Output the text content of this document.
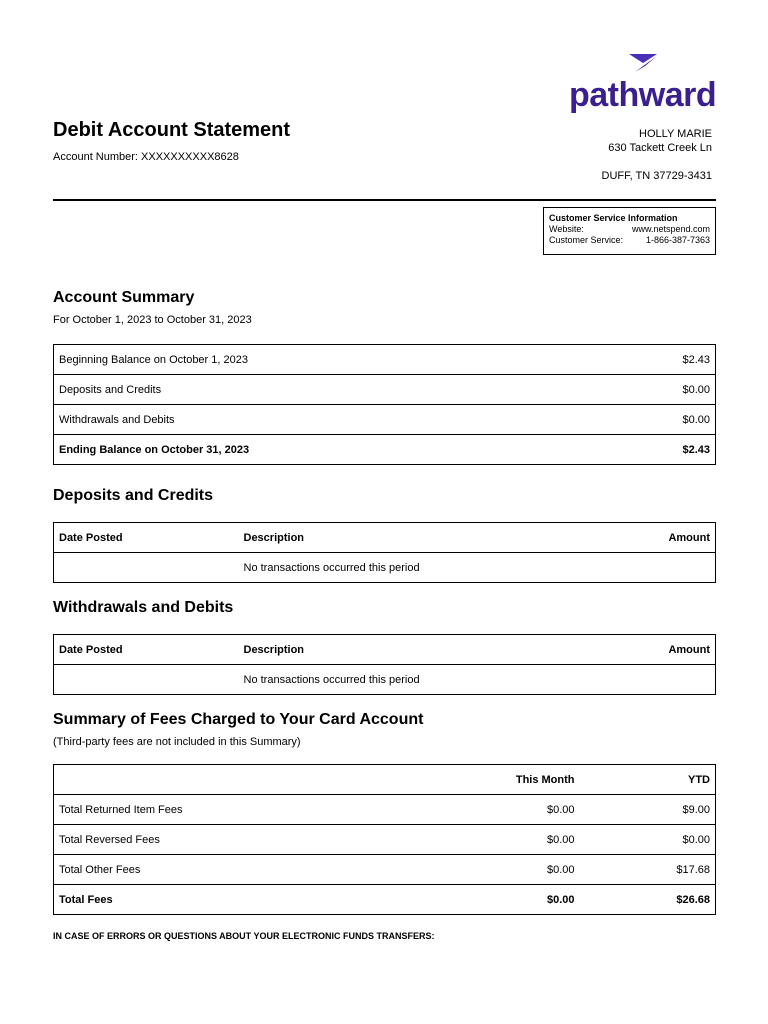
pathward
Debit Account Statement
Account Number: XXXXXXXXXX8628
HOLLY MARIE
630 Tackett Creek Ln
DUFF, TN 37729-3431
Customer Service Information
Website:	www.netspend.com
Customer Service:	1-866-387-7363
Account Summary
For October 1, 2023 to October 31, 2023
Beginning Balance on October 1, 2023	$2.43
Deposits and Credits	$0.00
Withdrawals and Debits	$0.00
Ending Balance on October 31, 2023	$2.43
Deposits and Credits
Date Posted	Description	Amount
	No transactions occurred this period	
Withdrawals and Debits
Date Posted	Description	Amount
	No transactions occurred this period	
Summary of Fees Charged to Your Card Account
(Third-party fees are not included in this Summary)
	This Month	YTD
Total Returned Item Fees	$0.00	$9.00
Total Reversed Fees	$0.00	$0.00
Total Other Fees	$0.00	$17.68
Total Fees	$0.00	$26.68
IN CASE OF ERRORS OR QUESTIONS ABOUT YOUR ELECTRONIC FUNDS TRANSFERS:
